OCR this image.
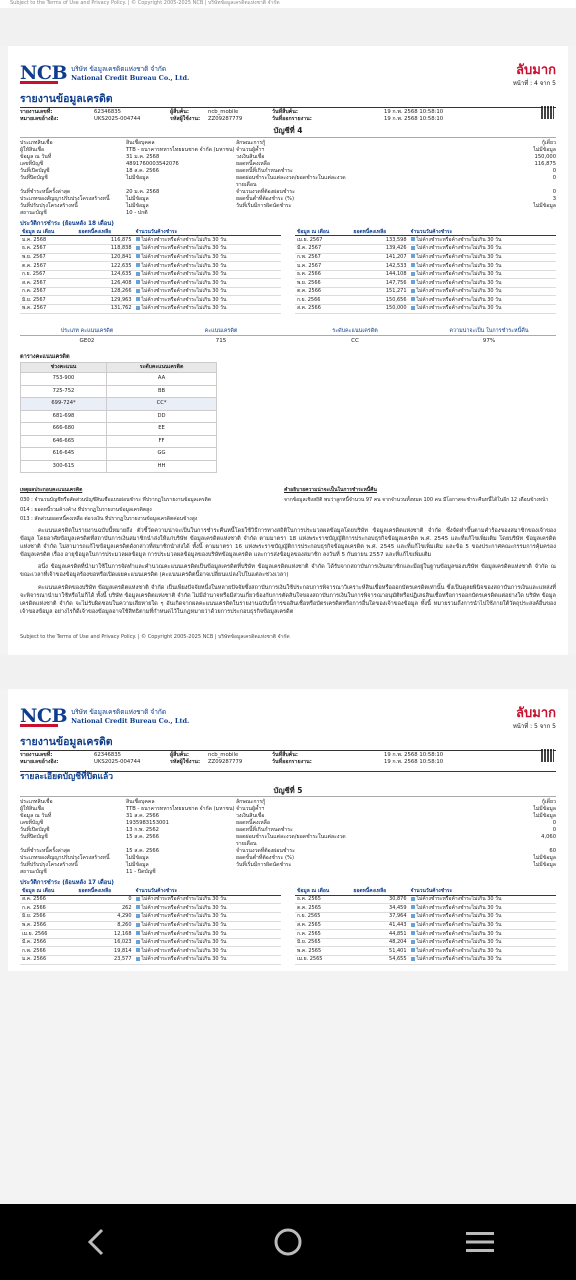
Subject to the Terms of Use and Privacy Policy. | © Copyright 2005-2025 NCB | บริษัทข้อมูลเครดิตแห่งชาติ จำกัด
NCB บริษัท ข้อมูลเครดิตแห่งชาติ จำกัด
National Credit Bureau Co., Ltd.	ลับมาก
หน้าที่ : 4 จาก 5
รายงานข้อมูลเครดิต
รายงานเลขที่:	62346835	ผู้สืบค้น:	ncb_mobile	วันที่สืบค้น:	19 ก.พ. 2568 10:58:10
หมายเลขอ้างอิง:	UKS2025-004744	รหัสผู้ใช้งาน:	ZZ09287779	วันที่ออกรายงาน:	19 ก.พ. 2568 10:58:10
บัญชีที่ 4
ประเภทสินเชื่อ	สินเชื่อบุคคล	ลักษณะการกู้	กู้เดี่ยว
ผู้ให้สินเชื่อ	TTB - ธนาคารทหารไทยธนชาต จำกัด (มหาชน) จำนวนผู้ค้ำฯ	ไม่มีข้อมูล
ข้อมูล ณ วันที่	31 ม.ค. 2568	วงเงินสินเชื่อ	150,000
เลขที่บัญชี	4891760003542076	ยอดหนี้คงเหลือ	116,875
วันที่เปิดบัญชี	18 ส.ค. 2566	ยอดหนี้ที่เกินกำหนดชำระ	0
วันที่ปิดบัญชี	ไม่มีข้อมูล	ยอดผ่อนชำระในแต่ละงวด/ยอดชำระในแต่ละงวด รายเดือน
0
วันที่ชำระหนี้ครั้งล่าสุด	20 ม.ค. 2568	จำนวนงวดที่ต้องผ่อนชำระ	0
ประเภทของสัญญาปรับปรุงโครงสร้างหนี้	ไม่มีข้อมูล	ยอดขั้นต่ำที่ต้องชำระ (%)	3
วันที่ปรับปรุงโครงสร้างหนี้	ไม่มีข้อมูล	วันที่เริ่มมีการผิดนัดชำระ	ไม่มีข้อมูล
สถานะบัญชี	10 - ปกติ
ประวัติการชำระ (ย้อนหลัง 18 เดือน)
ข้อมูล ณ เดือน	ยอดหนี้คงเหลือ	จำนวนวันค้างชำระ
ม.ค. 2568	116,875	ไม่ค้างชำระหรือค้างชำระไม่เกิน 30 วัน
ธ.ค. 2567	118,838	ไม่ค้างชำระหรือค้างชำระไม่เกิน 30 วัน
พ.ย. 2567	120,841	ไม่ค้างชำระหรือค้างชำระไม่เกิน 30 วัน
ต.ค. 2567	122,635	ไม่ค้างชำระหรือค้างชำระไม่เกิน 30 วัน
ก.ย. 2567	124,635	ไม่ค้างชำระหรือค้างชำระไม่เกิน 30 วัน
ส.ค. 2567	126,408	ไม่ค้างชำระหรือค้างชำระไม่เกิน 30 วัน
ก.ค. 2567	128,266	ไม่ค้างชำระหรือค้างชำระไม่เกิน 30 วัน
มิ.ย. 2567	129,963	ไม่ค้างชำระหรือค้างชำระไม่เกิน 30 วัน
พ.ค. 2567	131,762	ไม่ค้างชำระหรือค้างชำระไม่เกิน 30 วัน
ข้อมูล ณ เดือน	ยอดหนี้คงเหลือ	จำนวนวันค้างชำระ
เม.ย. 2567	133,598	ไม่ค้างชำระหรือค้างชำระไม่เกิน 30 วัน
มี.ค. 2567	139,426	ไม่ค้างชำระหรือค้างชำระไม่เกิน 30 วัน
ก.พ. 2567	141,207	ไม่ค้างชำระหรือค้างชำระไม่เกิน 30 วัน
ม.ค. 2567	142,533	ไม่ค้างชำระหรือค้างชำระไม่เกิน 30 วัน
ธ.ค. 2566	144,108	ไม่ค้างชำระหรือค้างชำระไม่เกิน 30 วัน
พ.ย. 2566	147,756	ไม่ค้างชำระหรือค้างชำระไม่เกิน 30 วัน
ต.ค. 2566	151,271	ไม่ค้างชำระหรือค้างชำระไม่เกิน 30 วัน
ก.ย. 2566	150,656	ไม่ค้างชำระหรือค้างชำระไม่เกิน 30 วัน
ส.ค. 2566	150,000	ไม่ค้างชำระหรือค้างชำระไม่เกิน 30 วัน
ประเภท คะแนนเครดิต	คะแนนเครดิต	ระดับคะแนนเครดิต	ความน่าจะเป็น ในการชำระหนี้คืน
GE02	715	CC	97%
ตารางคะแนนเครดิต
ช่วงคะแนน	ระดับคะแนนเครดิต
753-900	AA
725-752	BB
699-724*	CC*
681-698	DD
666-680	EE
646-665	FF
616-645	GG
300-615	HH
เหตุผลประกอบคะแนนเครดิต

030 : จำนวนบัญชีหรือสัดส่วนบัญชีสินเชื่อแบบผ่อนชำระ ที่ปรากฏในรายงานข้อมูลเครดิต

014 : ยอดหนี้รวมค้างค้าง ที่ปรากฏในรายงานข้อมูลเครดิตสูง

013 : สัดส่วนยอดหนี้คงเหลือ ต่อวงเงิน ที่ปรากฏในรายงานข้อมูลเครดิตค่อนข้างสูง

คำอธิบายความน่าจะเป็นในการชำระหนี้คืน

จากข้อมูลเชิงสถิติ พบว่าลูกหนี้จำนวน 97 คน จากจำนวนทั้งหมด 100 คน มีโอกาสจะชำระคืนหนี้ได้ในอีก 12 เดือนข้างหน้า

คะแนนเครดิตในรายงานฉบับนี้หมายถึง ตัวชี้วัดความน่าจะเป็นในการชำระคืนหนี้โดยใช้วิธีการทางสถิติในการประมวลผลข้อมูลโดยบริษัท ข้อมูลเครดิตแห่งชาติ จำกัด ซึ่งจัดทำขึ้นตามคำร้องของสมาชิกของเจ้าของข้อมูล โดยอาศัยข้อมูลเครดิตที่สถาบันการเงินสมาชิกนำส่งให้แก่บริษัท ข้อมูลเครดิตแห่งชาติ จำกัด ตามมาตรา 18 แห่งพระราชบัญญัติการประกอบธุรกิจข้อมูลเครดิต พ.ศ. 2545 และที่แก้ไขเพิ่มเติม โดยบริษัท ข้อมูลเครดิตแห่งชาติ จำกัด ไม่สามารถแก้ไขข้อมูลเครดิตดังกล่าวที่สมาชิกนำส่งได้ ทั้งนี้ ตามมาตรา 16 แห่งพระราชบัญญัติการประกอบธุรกิจข้อมูลเครดิต พ.ศ. 2545 และที่แก้ไขเพิ่มเติม และข้อ 5 ของประกาศคณะกรรมการคุ้มครองข้อมูลเครดิต เรื่อง อายุข้อมูลในการประมวลผลข้อมูล การประมวลผลข้อมูลของบริษัทข้อมูลเครดิต และการส่งข้อมูลของสมาชิก ลงวันที่ 5 กันยายน 2557 และที่แก้ไขเพิ่มเติม

อนึ่ง ข้อมูลเครดิตที่นำมาใช้ในการจัดทำและคำนวณคะแนนเครดิตเป็นข้อมูลเครดิตที่บริษัท ข้อมูลเครดิตแห่งชาติ จำกัด ได้รับจากสถาบันการเงินสมาชิกและมีอยู่ในฐานข้อมูลของบริษัท ข้อมูลเครดิตแห่งชาติ จำกัด ณ ขณะเวลาที่เจ้าของข้อมูลร้องขอหรือเปิดเผยคะแนนเครดิต (คะแนนเครดิตนี้อาจเปลี่ยนแปลงไปในแต่ละช่วงเวลา)

คะแนนเครดิตของบริษัท ข้อมูลเครดิตแห่งชาติ จำกัด เป็นเพียงปัจจัยหนึ่งในหลายปัจจัยซึ่งสถาบันการเงินใช้ประกอบการพิจารณาวิเคราะห์สินเชื่อหรือออกบัตรเครดิตเท่านั้น ซึ่งเป็นดุลยพินิจของสถาบันการเงินและแหล่งที่จะพิจารณานำมาใช้หรือไม่ก็ได้ ทั้งนี้ บริษัท ข้อมูลเครดิตแห่งชาติ จำกัด ไม่มีอำนาจหรือมีส่วนเกี่ยวข้องกับการตัดสินใจของสถาบันการเงินในการพิจารณาอนุมัติหรือปฏิเสธสินเชื่อหรือการออกบัตรเครดิตแต่อย่างใด บริษัท ข้อมูลเครดิตแห่งชาติ จำกัด จะไม่รับผิดชอบในความเสียหายใด ๆ อันเกิดจากผลคะแนนเครดิตในรายงานฉบับนี้การขอสินเชื่อหรือบัตรเครดิตหรือการอื่นใดของเจ้าของข้อมูล ทั้งนี้ หมายรวมถึงการนำไปใช้ภายใต้วัตถุประสงค์อื่นของเจ้าของข้อมูล อย่างไรก็ดีเจ้าของข้อมูลอาจใช้สิทธิตามที่กำหนดไว้ในกฎหมายว่าด้วยการประกอบธุรกิจข้อมูลเครดิต

Subject to the Terms of Use and Privacy Policy. | © Copyright 2005-2025 NCB | บริษัทข้อมูลเครดิตแห่งชาติ จำกัด
NCB บริษัท ข้อมูลเครดิตแห่งชาติ จำกัด
National Credit Bureau Co., Ltd.	ลับมาก
หน้าที่ : 5 จาก 5
รายงานข้อมูลเครดิต
รายงานเลขที่:	62346835	ผู้สืบค้น:	ncb_mobile	วันที่สืบค้น:	19 ก.พ. 2568 10:58:10
หมายเลขอ้างอิง:	UKS2025-004744	รหัสผู้ใช้งาน:	ZZ09287779	วันที่ออกรายงาน:	19 ก.พ. 2568 10:58:10
รายละเอียดบัญชีที่ปิดแล้ว
บัญชีที่ 5
ประเภทสินเชื่อ	สินเชื่อบุคคล	ลักษณะการกู้	กู้เดี่ยว
ผู้ให้สินเชื่อ	TTB - ธนาคารทหารไทยธนชาต จำกัด (มหาชน) จำนวนผู้ค้ำฯ	ไม่มีข้อมูล
ข้อมูล ณ วันที่	31 ส.ค. 2566	วงเงินสินเชื่อ	ไม่มีข้อมูล
เลขที่บัญชี	1935983153001	ยอดหนี้คงเหลือ	0
วันที่เปิดบัญชี	13 ก.พ. 2562	ยอดหนี้ที่เกินกำหนดชำระ	0
วันที่ปิดบัญชี	15 ส.ค. 2566	ยอดผ่อนชำระในแต่ละงวด/ยอดชำระในแต่ละงวด รายเดือน
4,060
วันที่ชำระหนี้ครั้งล่าสุด	15 ส.ค. 2566	จำนวนงวดที่ต้องผ่อนชำระ	60
ประเภทของสัญญาปรับปรุงโครงสร้างหนี้	ไม่มีข้อมูล	ยอดขั้นต่ำที่ต้องชำระ (%)	ไม่มีข้อมูล
วันที่ปรับปรุงโครงสร้างหนี้	ไม่มีข้อมูล	วันที่เริ่มมีการผิดนัดชำระ	ไม่มีข้อมูล
สถานะบัญชี	11 - ปิดบัญชี
ประวัติการชำระ (ย้อนหลัง 17 เดือน)
ข้อมูล ณ เดือน	ยอดหนี้คงเหลือ	จำนวนวันค้างชำระ
ส.ค. 2566	0	ไม่ค้างชำระหรือค้างชำระไม่เกิน 30 วัน
ก.ค. 2566	262	ไม่ค้างชำระหรือค้างชำระไม่เกิน 30 วัน
มิ.ย. 2566	4,290	ไม่ค้างชำระหรือค้างชำระไม่เกิน 30 วัน
พ.ค. 2566	8,260	ไม่ค้างชำระหรือค้างชำระไม่เกิน 30 วัน
เม.ย. 2566	12,168	ไม่ค้างชำระหรือค้างชำระไม่เกิน 30 วัน
มี.ค. 2566	16,023	ไม่ค้างชำระหรือค้างชำระไม่เกิน 30 วัน
ก.พ. 2566	19,814	ไม่ค้างชำระหรือค้างชำระไม่เกิน 30 วัน
ม.ค. 2566	23,577	ไม่ค้างชำระหรือค้างชำระไม่เกิน 30 วัน
ข้อมูล ณ เดือน	ยอดหนี้คงเหลือ	จำนวนวันค้างชำระ
ธ.ค. 2565	30,876	ไม่ค้างชำระหรือค้างชำระไม่เกิน 30 วัน
ต.ค. 2565	34,459	ไม่ค้างชำระหรือค้างชำระไม่เกิน 30 วัน
ก.ย. 2565	37,964	ไม่ค้างชำระหรือค้างชำระไม่เกิน 30 วัน
ส.ค. 2565	41,443	ไม่ค้างชำระหรือค้างชำระไม่เกิน 30 วัน
ก.ค. 2565	44,851	ไม่ค้างชำระหรือค้างชำระไม่เกิน 30 วัน
มิ.ย. 2565	48,204	ไม่ค้างชำระหรือค้างชำระไม่เกิน 30 วัน
พ.ค. 2565	51,401	ไม่ค้างชำระหรือค้างชำระไม่เกิน 30 วัน
เม.ย. 2565	54,655	ไม่ค้างชำระหรือค้างชำระไม่เกิน 30 วัน
